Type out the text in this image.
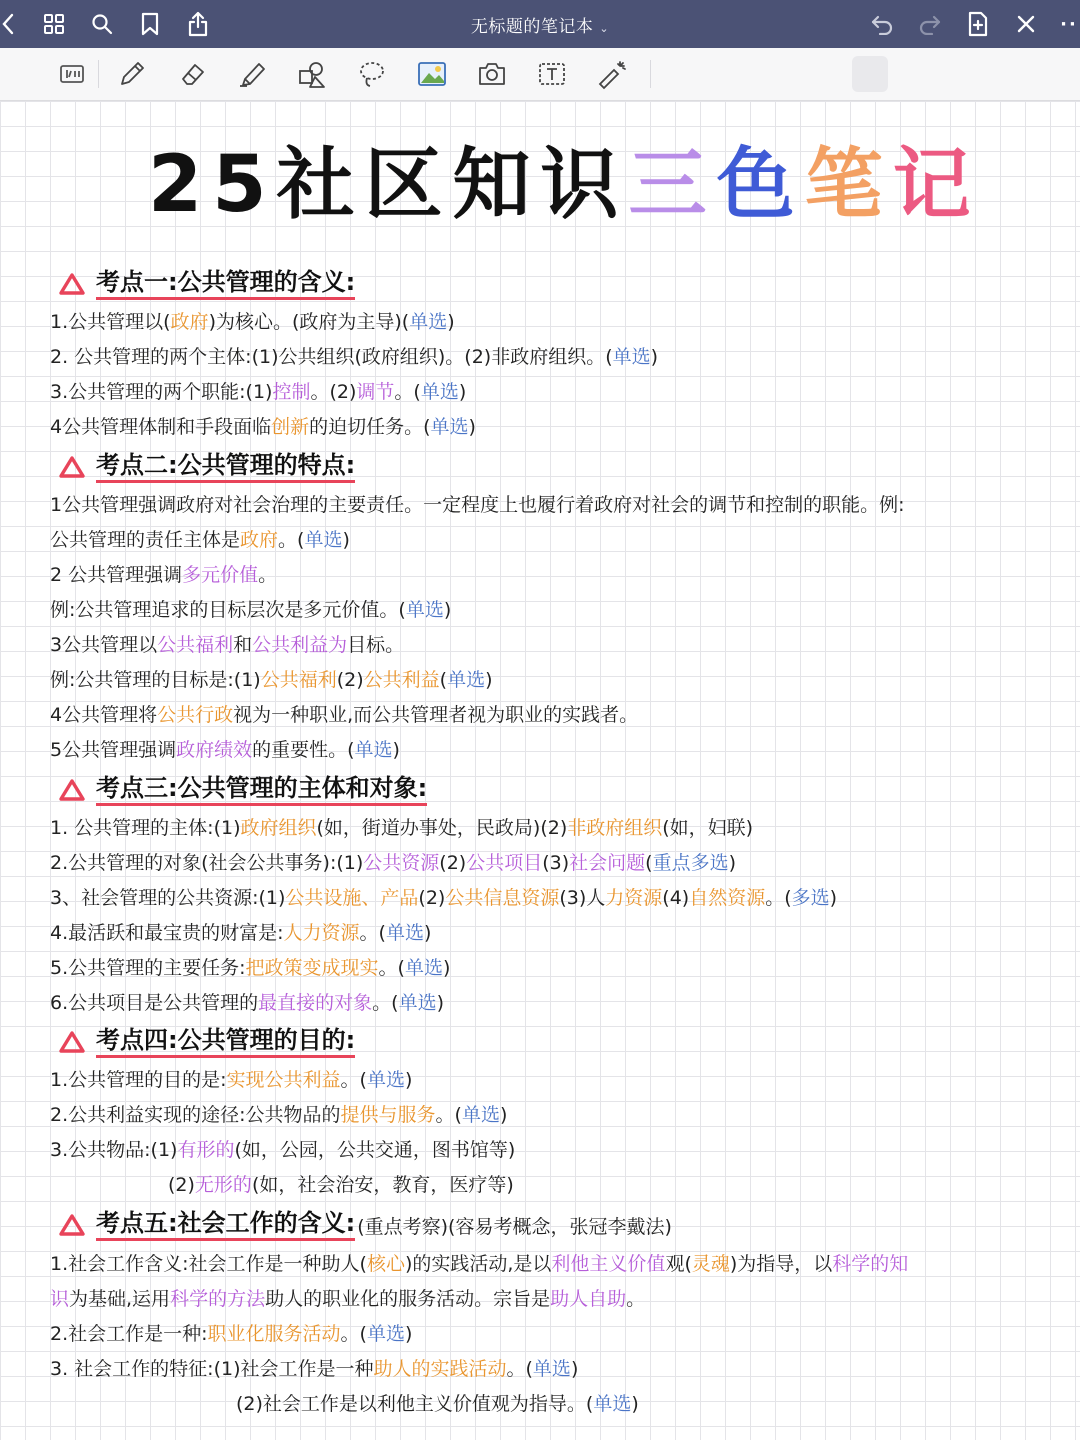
无标题的笔记本 ⌄	··
25社区知识三色笔记
考点一:公共管理的含义:
1.公共管理以(政府)为核心。(政府为主导)(单选)
2. 公共管理的两个主体:(1)公共组织(政府组织)。(2)非政府组织。(单选)
3.公共管理的两个职能:(1)控制。(2)调节。(单选)
4公共管理体制和手段面临创新的迫切任务。(单选)
考点二:公共管理的特点:
1公共管理强调政府对社会治理的主要责任。一定程度上也履行着政府对社会的调节和控制的职能。例:
公共管理的责任主体是政府。(单选)
2 公共管理强调多元价值。
例:公共管理追求的目标层次是多元价值。(单选)
3公共管理以公共福利和公共利益为目标。
例:公共管理的目标是:(1)公共福利(2)公共利益(单选)
4公共管理将公共行政视为一种职业,而公共管理者视为职业的实践者。
5公共管理强调政府绩效的重要性。(单选)
考点三:公共管理的主体和对象:
1. 公共管理的主体:(1)政府组织(如，街道办事处，民政局)(2)非政府组织(如，妇联)
2.公共管理的对象(社会公共事务):(1)公共资源(2)公共项目(3)社会问题(重点多选)
3、社会管理的公共资源:(1)公共设施、产品(2)公共信息资源(3)人力资源(4)自然资源。(多选)
4.最活跃和最宝贵的财富是:人力资源。(单选)
5.公共管理的主要任务:把政策变成现实。(单选)
6.公共项目是公共管理的最直接的对象。(单选)
考点四:公共管理的目的:
1.公共管理的目的是:实现公共利益。(单选)
2.公共利益实现的途径:公共物品的提供与服务。(单选)
3.公共物品:(1)有形的(如，公园，公共交通，图书馆等)
(2)无形的(如，社会治安，教育，医疗等)
考点五:社会工作的含义: (重点考察)(容易考概念，张冠李戴法)
1.社会工作含义:社会工作是一种助人(核心)的实践活动,是以利他主义价值观(灵魂)为指导，以科学的知
识为基础,运用科学的方法助人的职业化的服务活动。宗旨是助人自助。
2.社会工作是一种:职业化服务活动。(单选)
3. 社会工作的特征:(1)社会工作是一种助人的实践活动。(单选)
(2)社会工作是以利他主义价值观为指导。(单选)
